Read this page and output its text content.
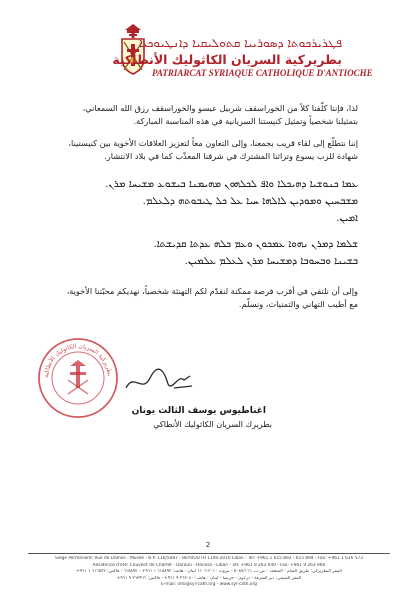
ܦܛܪܝܪܟܘܬܐ ܕܣܘܪܝܝܐ ܩܬܘܠܝܩܝܐ ܕܐܢܛܝܘܟܝܐ
بطريركية السريان الكاثوليك الأنطاكية
PATRIARCAT SYRIAQUE CATHOLIQUE D'ANTIOCHE
لذا، فإننا كلّفنا كلاً من الخوراسقف شربيل عيسو والخوراسقف رزق الله السمعاني، بتمثيلنا شخصياً وتمثيل كنيستنا السريانية في هذه المناسبة المباركة.
إننا نتطلّع إلى لقاء قريب يجمعنا، وإلى التعاون معاً لتعزيز العلاقات الأخوية بين كنيستينا، شهادة للرب يسوع وتراثنا المشترك في شرقنا المعذّب كما في بلاد الانتشار.
ܥܡܐ ܟܢܘܫܝܐ ܕܗܝܟܠܐ ܘܐܦ ܠܟܠܗܘܢ ܡܗܝܡܢܐ ܒܝܫܘܥ ܡܫܝܚܐ ܡܪܢ.
ܡܫܒܚܝܢ ܘܡܘܕܝܢ ܠܐܠܗܐ ܚܝܐ ܥܠ ܟܠ ܛܝܒܘܬܗ ܕܠܥܠܡ.
ܐܡܝܢ.
ܫܠܡܐ ܕܡܪܢ ܢܗܘܐ ܥܡܟܘܢ ܘܥܡ ܟܠܗ ܥܕܬܐ ܩܕܝܫܬܐ.
ܒܫܝܢܐ ܘܒܚܘܒܐ ܕܡܫܝܚܐ ܡܪܢ ܠܥܠܡ ܥܠܡܝܢ.
وإلى أن نلتقي في أقرب فرصة ممكنة لنقدّم لكم التهنئة شخصياً، نهديكم محبّتنا الأخوية، مع أطيب التهاني والتمنيات، ونسلّم.
بطريركية السريان الكاثوليك الأنطاكية
اغناطيوس يوسف الثالث يونان
بطريرك السريان الكاثوليك الأنطاكي
2
Siège Permanent: Rue de Damas - Musée - B.P. 116/5087 - BEYROUTH 1106-2010 Liban - Tél: +961 1 615 892 - 615 894 - Fax: +961 1 616 573
Résidence d'été: Couvent de Charfet - Daroun - Harissa - Liban - Tél: +961 9 263 040 - Fax: +961 9 263 966
المقر البطريركي: طريق الشام - المتحف - ص.ب. ٥٠٨٧/١١٦ - بيروت ٢٠١٠-١١٠٦ لبنان - هاتف: ٦١٥٨٩٢ ١ ٩٦١+ - ٦١٥٨٩٤ - فاكس: ٦١٦٥٧٣ ١ ٩٦١+
المقر الصيفي: دير الشرفة - درعون - حريصا - لبنان - هاتف: ٢٦٣٠٤٠ ٩ ٩٦١+ - فاكس: ٢٦٣٩٦٦ ٩ ٩٦١+
E-mail: info@syr-cath.org - www.syr-cath.org
